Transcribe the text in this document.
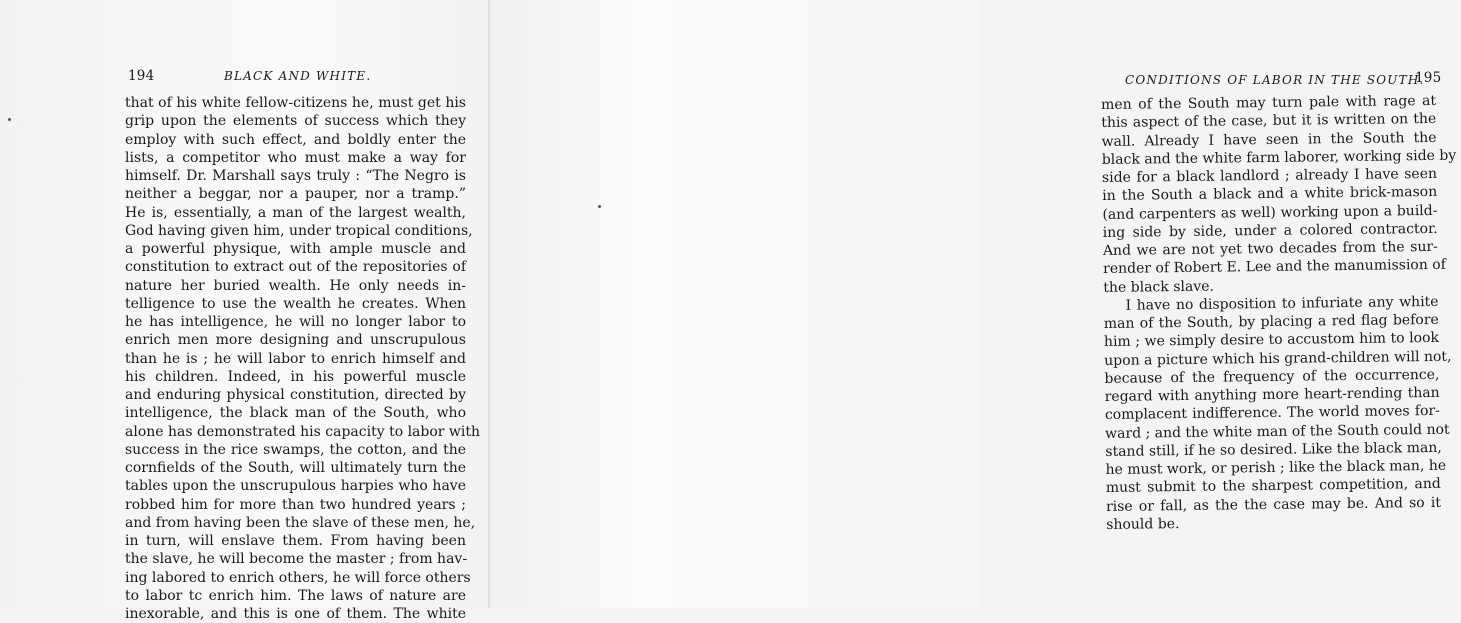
194	BLACK AND WHITE.
that of his white fellow-citizens he, must get his
grip upon the elements of success which they
employ with such effect, and boldly enter the
lists, a competitor who must make a way for
himself. Dr. Marshall says truly : “The Negro is
neither a beggar, nor a pauper, nor a tramp.”
He is, essentially, a man of the largest wealth,
God having given him, under tropical conditions,
a powerful physique, with ample muscle and
constitution to extract out of the repositories of
nature her buried wealth. He only needs in-
telligence to use the wealth he creates. When
he has intelligence, he will no longer labor to
enrich men more designing and unscrupulous
than he is ; he will labor to enrich himself and
his children. Indeed, in his powerful muscle
and enduring physical constitution, directed by
intelligence, the black man of the South, who
alone has demonstrated his capacity to labor with
success in the rice swamps, the cotton, and the
cornfields of the South, will ultimately turn the
tables upon the unscrupulous harpies who have
robbed him for more than two hundred years ;
and from having been the slave of these men, he,
in turn, will enslave them. From having been
the slave, he will become the master ; from hav-
ing labored to enrich others, he will force others
to labor tc enrich him. The laws of nature are
inexorable, and this is one of them. The white
CONDITIONS OF LABOR IN THE SOUTH.
195
men of the South may turn pale with rage at
this aspect of the case, but it is written on the
wall. Already I have seen in the South the
black and the white farm laborer, working side by
side for a black landlord ; already I have seen
in the South a black and a white brick-mason
(and carpenters as well) working upon a build-
ing side by side, under a colored contractor.
And we are not yet two decades from the sur-
render of Robert E. Lee and the manumission of
the black slave.
I have no disposition to infuriate any white
man of the South, by placing a red flag before
him ; we simply desire to accustom him to look
upon a picture which his grand-children will not,
because of the frequency of the occurrence,
regard with anything more heart-rending than
complacent indifference. The world moves for-
ward ; and the white man of the South could not
stand still, if he so desired. Like the black man,
he must work, or perish ; like the black man, he
must submit to the sharpest competition, and
rise or fall, as the the case may be. And so it
should be.
